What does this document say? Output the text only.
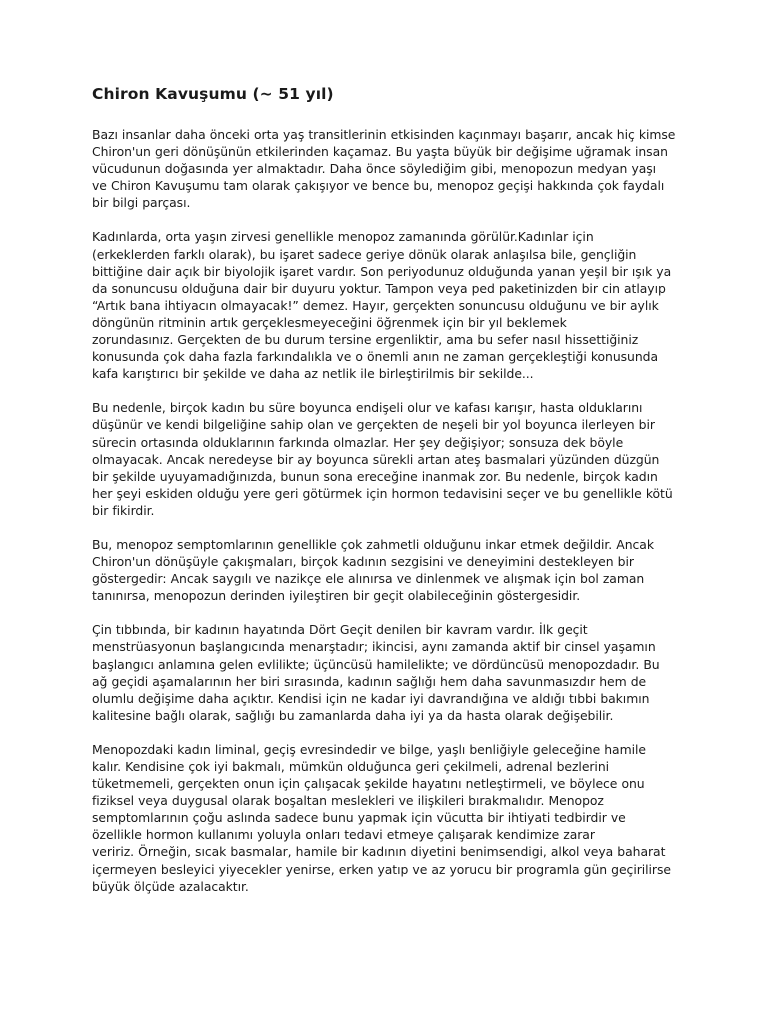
Chiron Kavuşumu (~ 51 yıl)
Bazı insanlar daha önceki orta yaş transitlerinin etkisinden kaçınmayı başarır, ancak hiç kimse
Chiron'un geri dönüşünün etkilerinden kaçamaz. Bu yaşta büyük bir değişime uğramak insan
vücudunun doğasında yer almaktadır. Daha önce söylediğim gibi, menopozun medyan yaşı
ve Chiron Kavuşumu tam olarak çakışıyor ve bence bu, menopoz geçişi hakkında çok faydalı
bir bilgi parçası.
Kadınlarda, orta yaşın zirvesi genellikle menopoz zamanında görülür.Kadınlar için
(erkeklerden farklı olarak), bu işaret sadece geriye dönük olarak anlaşılsa bile, gençliğin
bittiğine dair açık bir biyolojik işaret vardır. Son periyodunuz olduğunda yanan yeşil bir ışık ya
da sonuncusu olduğuna dair bir duyuru yoktur. Tampon veya ped paketinizden bir cin atlayıp
“Artık bana ihtiyacın olmayacak!” demez. Hayır, gerçekten sonuncusu olduğunu ve bir aylık
döngünün ritminin artık gerçeklesmeyeceğini öğrenmek için bir yıl beklemek
zorundasınız. Gerçekten de bu durum tersine ergenliktir, ama bu sefer nasıl hissettiğiniz
konusunda çok daha fazla farkındalıkla ve o önemli anın ne zaman gerçekleştiği konusunda
kafa karıştırıcı bir şekilde ve daha az netlik ile birleştirilmis bir sekilde...
Bu nedenle, birçok kadın bu süre boyunca endişeli olur ve kafası karışır, hasta olduklarını
düşünür ve kendi bilgeliğine sahip olan ve gerçekten de neşeli bir yol boyunca ilerleyen bir
sürecin ortasında olduklarının farkında olmazlar. Her şey değişiyor; sonsuza dek böyle
olmayacak. Ancak neredeyse bir ay boyunca sürekli artan ateş basmalari yüzünden düzgün
bir şekilde uyuyamadığınızda, bunun sona ereceğine inanmak zor. Bu nedenle, birçok kadın
her şeyi eskiden olduğu yere geri götürmek için hormon tedavisini seçer ve bu genellikle kötü
bir fikirdir.
Bu, menopoz semptomlarının genellikle çok zahmetli olduğunu inkar etmek değildir. Ancak
Chiron'un dönüşüyle çakışmaları, birçok kadının sezgisini ve deneyimini destekleyen bir
göstergedir: Ancak saygılı ve nazikçe ele alınırsa ve dinlenmek ve alışmak için bol zaman
tanınırsa, menopozun derinden iyileştiren bir geçit olabileceğinin göstergesidir.
Çin tıbbında, bir kadının hayatında Dört Geçit denilen bir kavram vardır. İlk geçit
menstrüasyonun başlangıcında menarştadır; ikincisi, aynı zamanda aktif bir cinsel yaşamın
başlangıcı anlamına gelen evlilikte; üçüncüsü hamilelikte; ve dördüncüsü menopozdadır. Bu
ağ geçidi aşamalarının her biri sırasında, kadının sağlığı hem daha savunmasızdır hem de
olumlu değişime daha açıktır. Kendisi için ne kadar iyi davrandığına ve aldığı tıbbi bakımın
kalitesine bağlı olarak, sağlığı bu zamanlarda daha iyi ya da hasta olarak değişebilir.
Menopozdaki kadın liminal, geçiş evresindedir ve bilge, yaşlı benliğiyle geleceğine hamile
kalır. Kendisine çok iyi bakmalı, mümkün olduğunca geri çekilmeli, adrenal bezlerini
tüketmemeli, gerçekten onun için çalışacak şekilde hayatını netleştirmeli, ve böylece onu
fiziksel veya duygusal olarak boşaltan meslekleri ve ilişkileri bırakmalıdır. Menopoz
semptomlarının çoğu aslında sadece bunu yapmak için vücutta bir ihtiyati tedbirdir ve
özellikle hormon kullanımı yoluyla onları tedavi etmeye çalışarak kendimize zarar
veririz. Örneğin, sıcak basmalar, hamile bir kadının diyetini benimsendigi, alkol veya baharat
içermeyen besleyici yiyecekler yenirse, erken yatıp ve az yorucu bir programla gün geçirilirse
büyük ölçüde azalacaktır.
